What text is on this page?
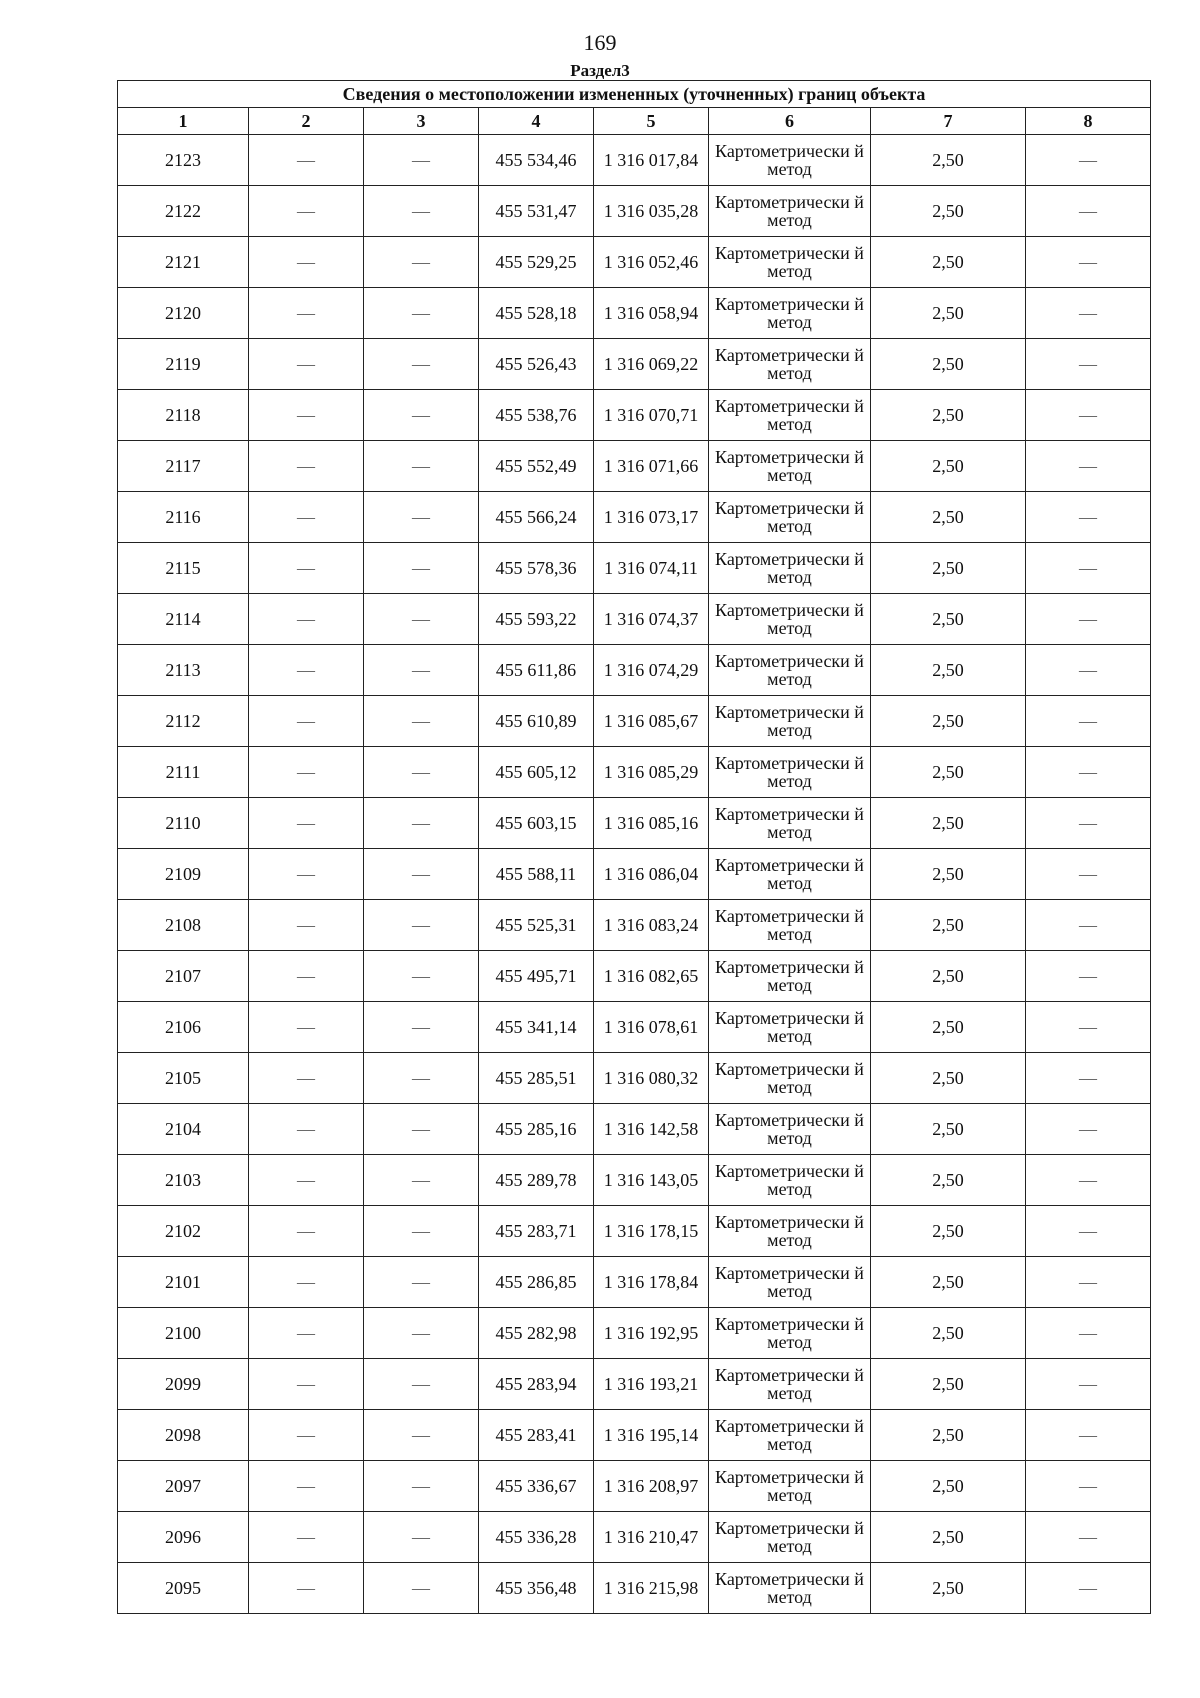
169
Раздел3
Сведения о местоположении измененных (уточненных) границ объекта							
1	2	3	4	5	6	7	8
2123	—	—	455 534,46	1 316 017,84	Картометрически й метод	2,50	—
2122	—	—	455 531,47	1 316 035,28	Картометрически й метод	2,50	—
2121	—	—	455 529,25	1 316 052,46	Картометрически й метод	2,50	—
2120	—	—	455 528,18	1 316 058,94	Картометрически й метод	2,50	—
2119	—	—	455 526,43	1 316 069,22	Картометрически й метод	2,50	—
2118	—	—	455 538,76	1 316 070,71	Картометрически й метод	2,50	—
2117	—	—	455 552,49	1 316 071,66	Картометрически й метод	2,50	—
2116	—	—	455 566,24	1 316 073,17	Картометрически й метод	2,50	—
2115	—	—	455 578,36	1 316 074,11	Картометрически й метод	2,50	—
2114	—	—	455 593,22	1 316 074,37	Картометрически й метод	2,50	—
2113	—	—	455 611,86	1 316 074,29	Картометрически й метод	2,50	—
2112	—	—	455 610,89	1 316 085,67	Картометрически й метод	2,50	—
2111	—	—	455 605,12	1 316 085,29	Картометрически й метод	2,50	—
2110	—	—	455 603,15	1 316 085,16	Картометрически й метод	2,50	—
2109	—	—	455 588,11	1 316 086,04	Картометрически й метод	2,50	—
2108	—	—	455 525,31	1 316 083,24	Картометрически й метод	2,50	—
2107	—	—	455 495,71	1 316 082,65	Картометрически й метод	2,50	—
2106	—	—	455 341,14	1 316 078,61	Картометрически й метод	2,50	—
2105	—	—	455 285,51	1 316 080,32	Картометрически й метод	2,50	—
2104	—	—	455 285,16	1 316 142,58	Картометрически й метод	2,50	—
2103	—	—	455 289,78	1 316 143,05	Картометрически й метод	2,50	—
2102	—	—	455 283,71	1 316 178,15	Картометрически й метод	2,50	—
2101	—	—	455 286,85	1 316 178,84	Картометрически й метод	2,50	—
2100	—	—	455 282,98	1 316 192,95	Картометрически й метод	2,50	—
2099	—	—	455 283,94	1 316 193,21	Картометрически й метод	2,50	—
2098	—	—	455 283,41	1 316 195,14	Картометрически й метод	2,50	—
2097	—	—	455 336,67	1 316 208,97	Картометрически й метод	2,50	—
2096	—	—	455 336,28	1 316 210,47	Картометрически й метод	2,50	—
2095	—	—	455 356,48	1 316 215,98	Картометрически й метод	2,50	—
